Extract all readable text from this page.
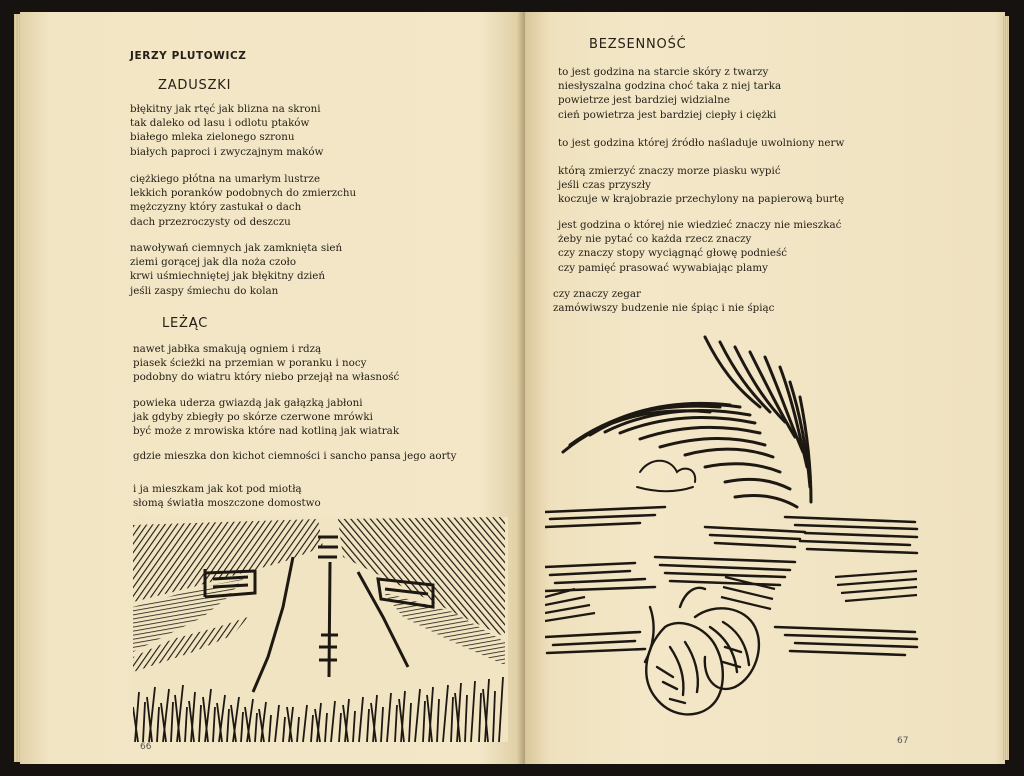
JERZY PLUTOWICZ
ZADUSZKI
błękitny jak rtęć jak blizna na skroni
tak daleko od lasu i odlotu ptaków
białego mleka zielonego szronu
białych paproci i zwyczajnym maków
ciężkiego płótna na umarłym lustrze
lekkich poranków podobnych do zmierzchu
mężczyzny który zastukał o dach
dach przezroczysty od deszczu
nawoływań ciemnych jak zamknięta sień
ziemi gorącej jak dla noża czoło
krwi uśmiechniętej jak błękitny dzień
jeśli zaspy śmiechu do kolan
LEŻĄC
nawet jabłka smakują ogniem i rdzą
piasek ścieżki na przemian w poranku i nocy
podobny do wiatru który niebo przejął na własność
powieka uderza gwiazdą jak gałązką jabłoni
jak gdyby zbiegły po skórze czerwone mrówki
być może z mrowiska które nad kotliną jak wiatrak
gdzie mieszka don kichot ciemności i sancho pansa jego aorty
i ja mieszkam jak kot pod miotłą
słomą światła moszczone domostwo
66
BEZSENNOŚĆ
to jest godzina na starcie skóry z twarzy
niesłyszalna godzina choć taka z niej tarka
powietrze jest bardziej widzialne
cień powietrza jest bardziej ciepły i ciężki
to jest godzina której źródło naśladuje uwolniony nerw
którą zmierzyć znaczy morze piasku wypić
jeśli czas przyszły
koczuje w krajobrazie przechylony na papierową burtę
jest godzina o której nie wiedzieć znaczy nie mieszkać
żeby nie pytać co każda rzecz znaczy
czy znaczy stopy wyciągnąć głowę podnieść
czy pamięć prasować wywabiając plamy
czy znaczy zegar
zamówiwszy budzenie nie śpiąc i nie śpiąc
67
